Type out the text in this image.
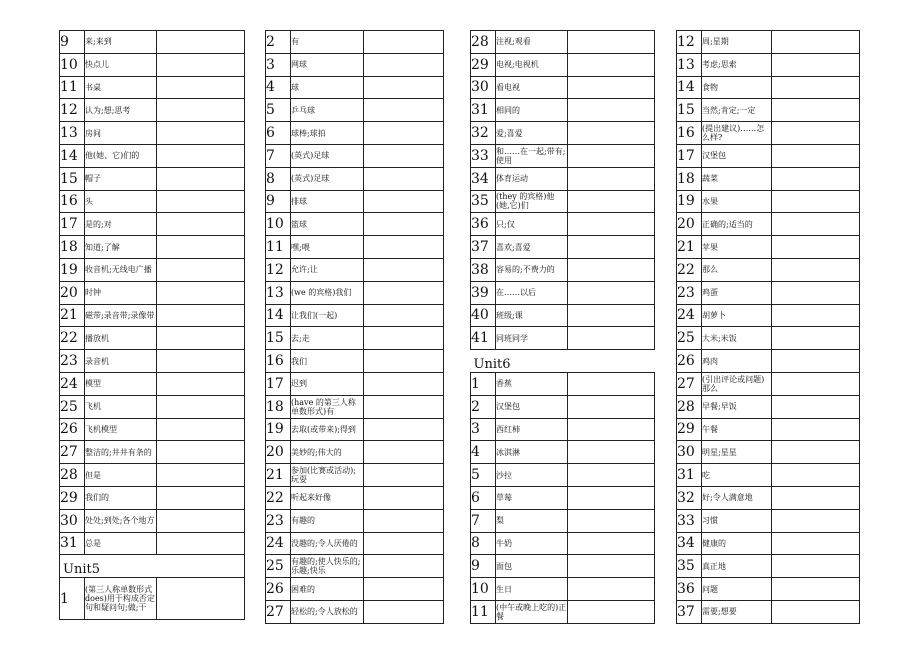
9	来;来到	
10	快点儿	
11	书桌	
12	认为;想;思考	
13	房间	
14	他(她、它)们的	
15	帽子	
16	头	
17	是的;对	
18	知道;了解	
19	收音机;无线电广播	
20	时钟	
21	磁带;录音带;录像带	
22	播放机	
23	录音机	
24	模型	
25	飞机	
26	飞机模型	
27	整洁的;井井有条的	
28	但是	
29	我们的	
30	处处;到处;各个地方	
31	总是	
Unit5		
1	(第三人称单数形式 does)用于构成否定句和疑问句;做;干	
2	有	
3	网球	
4	球	
5	乒乓球	
6	球棒;球拍	
7	(英式)足球	
8	(英式)足球	
9	排球	
10	篮球	
11	嘿;喂	
12	允许;让	
13	(we 的宾格)我们	
14	让我们(一起)	
15	去;走	
16	我们	
17	迟到	
18	(have 的第三人称单数形式)有	
19	去取(或带来);得到	
20	美妙的;伟大的	
21	参加(比赛或活动);玩耍	
22	听起来好像	
23	有趣的	
24	没趣的;令人厌倦的	
25	有趣的;使人快乐的;乐趣;快乐	
26	困难的	
27	轻松的;令人放松的	
28	注视;观看	
29	电视;电视机	
30	看电视	
31	相同的	
32	爱;喜爱	
33	和……在一起;带有;使用	
34	体育运动	
35	(they 的宾格)他(她,它)们	
36	只;仅	
37	喜欢;喜爱	
38	容易的;不费力的	
39	在……以后	
40	班级;课	
41	同班同学	
Unit6		
1	香蕉	
2	汉堡包	
3	西红柿	
4	冰淇淋	
5	沙拉	
6	草莓	
7	梨	
8	牛奶	
9	面包	
10	生日	
11	(中午或晚上吃的)正餐	
12	周;星期	
13	考虑;思索	
14	食物	
15	当然;肯定;一定	
16	(提出建议)……怎么样?	
17	汉堡包	
18	蔬菜	
19	水果	
20	正确的;适当的	
21	苹果	
22	那么	
23	鸡蛋	
24	胡萝卜	
25	大米;米饭	
26	鸡肉	
27	(引出评论或问题)那么	
28	早餐;早饭	
29	午餐	
30	明星;星星	
31	吃	
32	好;令人满意地	
33	习惯	
34	健康的	
35	真正地	
36	问题	
37	需要;想要	
